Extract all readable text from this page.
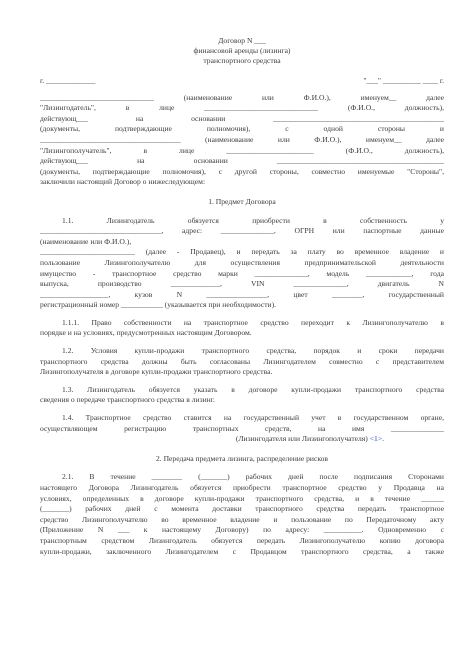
Договор N ___
финансовой аренды (лизинга)
транспортного средства
г. _____________	"___" __________ ____ г.
______________________________ (наименование или Ф.И.О.), именуем__ далее
"Лизингодатель", в лице ______________________________ (Ф.И.О., должность),
действующ___ на основании _____________________________________________
(документы, подтверждающие полномочия), с одной стороны и
_____________________________________ (наименование или Ф.И.О.), именуем__ далее
"Лизингополучатель", в лице _______________________ (Ф.И.О., должность),
действующ___ на основании ____________________________________________
(документы, подтверждающие полномочия), с другой стороны, совместно именуемые "Стороны",
заключили настоящий Договор о нижеследующем:
1. Предмет Договора
1.1. Лизингодатель обязуется приобрести в собственность у
________________________________, адрес: ______________, ОГРН или паспортные данные
(наименование или Ф.И.О.),
_________________________ (далее - Продавец), и передать за плату во временное владение и
пользование Лизингополучателю для осуществления предпринимательской деятельности
имущество - транспортное средство марки ______________, модель ____________, года
выпуска, производство _____________, VIN ______________, двигатель N
__________________, кузов N ________________, цвет ________, государственный
регистрационный номер ___________ (указывается при необходимости).
1.1.1. Право собственности на транспортное средство переходит к Лизингополучателю в
порядке и на условиях, предусмотренных настоящим Договором.
1.2. Условия купли-продажи транспортного средства, порядок и сроки передачи
транспортного средства должны быть согласованы Лизингодателем совместно с представителем
Лизингополучателя в договоре купли-продажи транспортного средства.
1.3. Лизингодатель обязуется указать в договоре купли-продажи транспортного средства
сведения о передаче транспортного средства в лизинг.
1.4. Транспортное средство ставится на государственный учет в государственном органе,
осуществляющем регистрацию транспортных средств, на имя ______________
(Лизингодателя или Лизингополучателя) <1>.
2. Передача предмета лизинга, распределение рисков
2.1. В течение ________ (_______) рабочих дней после подписания Сторонами
настоящего Договора Лизингодатель обязуется приобрести транспортное средство у Продавца на
условиях, определенных в договоре купли-продажи транспортного средства, и в течение ______
(_______) рабочих дней с момента доставки транспортного средства передать транспортное
средство Лизингополучателю во временное владение и пользование по Передаточному акту
(Приложение N ___ к настоящему Договору) по адресу: __________. Одновременно с
транспортным средством Лизингодатель обязуется передать Лизингополучателю копию договора
купли-продажи, заключенного Лизингодателем с Продавцом транспортного средства, а также
